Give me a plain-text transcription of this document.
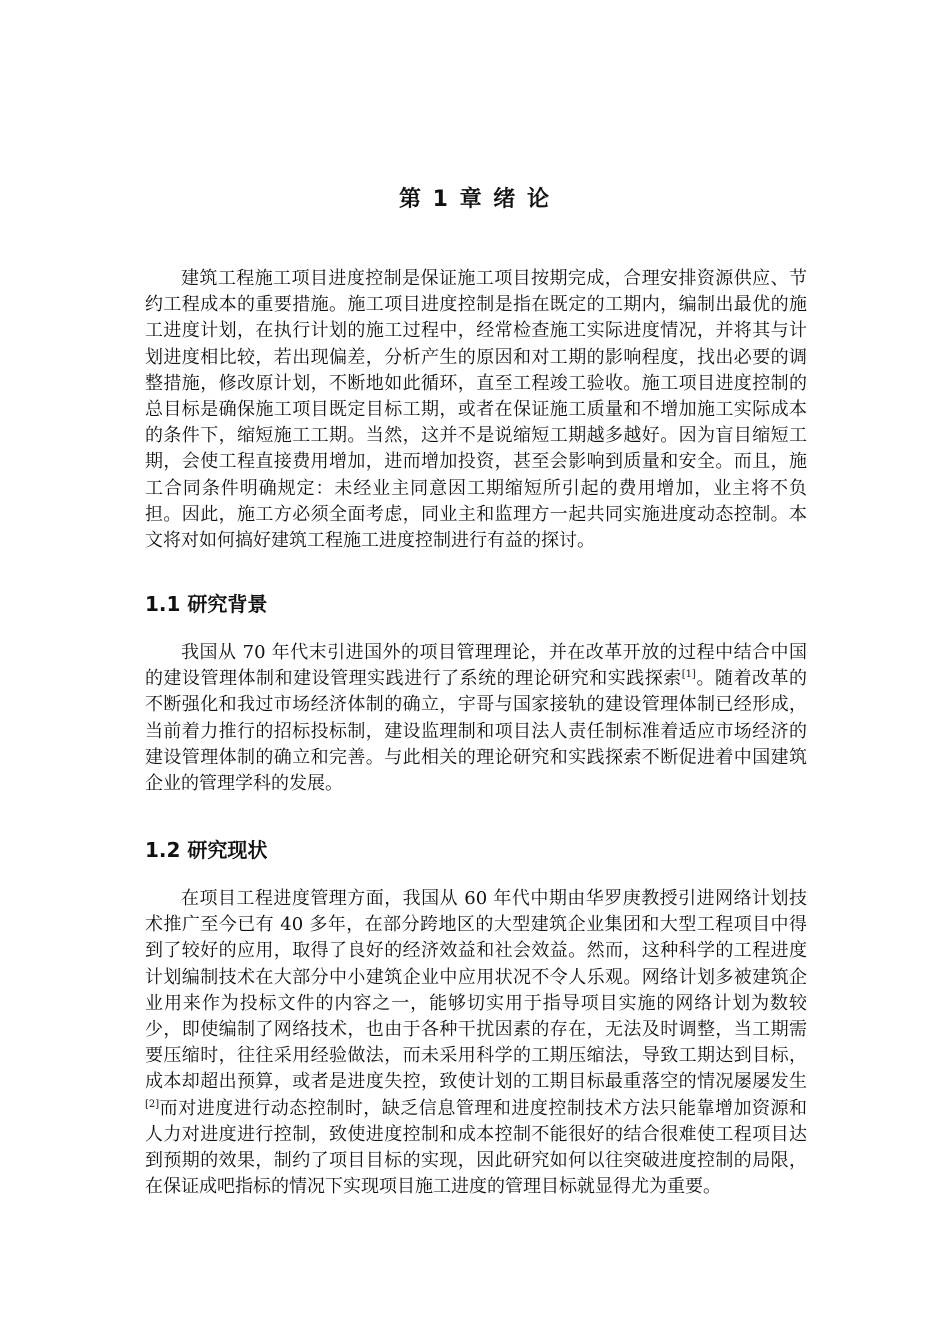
第 1 章 绪 论

建筑工程施工项目进度控制是保证施工项目按期完成，合理安排资源供应、节约工程成本的重要措施。施工项目进度控制是指在既定的工期内，编制出最优的施工进度计划，在执行计划的施工过程中，经常检查施工实际进度情况，并将其与计划进度相比较，若出现偏差，分析产生的原因和对工期的影响程度，找出必要的调整措施，修改原计划，不断地如此循环，直至工程竣工验收。施工项目进度控制的总目标是确保施工项目既定目标工期，或者在保证施工质量和不增加施工实际成本的条件下，缩短施工工期。当然，这并不是说缩短工期越多越好。因为盲目缩短工期，会使工程直接费用增加，进而增加投资，甚至会影响到质量和安全。而且，施工合同条件明确规定：未经业主同意因工期缩短所引起的费用增加，业主将不负担。因此，施工方必须全面考虑，同业主和监理方一起共同实施进度动态控制。本文将对如何搞好建筑工程施工进度控制进行有益的探讨。

1.1 研究背景

我国从 70 年代末引进国外的项目管理理论，并在改革开放的过程中结合中国的建设管理体制和建设管理实践进行了系统的理论研究和实践探索[1]。随着改革的不断强化和我过市场经济体制的确立，宇哥与国家接轨的建设管理体制已经形成，当前着力推行的招标投标制，建设监理制和项目法人责任制标准着适应市场经济的建设管理体制的确立和完善。与此相关的理论研究和实践探索不断促进着中国建筑企业的管理学科的发展。

1.2 研究现状

在项目工程进度管理方面，我国从 60 年代中期由华罗庚教授引进网络计划技术推广至今已有 40 多年，在部分跨地区的大型建筑企业集团和大型工程项目中得到了较好的应用，取得了良好的经济效益和社会效益。然而，这种科学的工程进度计划编制技术在大部分中小建筑企业中应用状况不令人乐观。网络计划多被建筑企业用来作为投标文件的内容之一，能够切实用于指导项目实施的网络计划为数较少，即使编制了网络技术，也由于各种干扰因素的存在，无法及时调整，当工期需要压缩时，往往采用经验做法，而未采用科学的工期压缩法，导致工期达到目标，成本却超出预算，或者是进度失控，致使计划的工期目标最重落空的情况屡屡发生[2]而对进度进行动态控制时，缺乏信息管理和进度控制技术方法只能靠增加资源和人力对进度进行控制，致使进度控制和成本控制不能很好的结合很难使工程项目达到预期的效果，制约了项目目标的实现，因此研究如何以往突破进度控制的局限，在保证成吧指标的情况下实现项目施工进度的管理目标就显得尤为重要。
